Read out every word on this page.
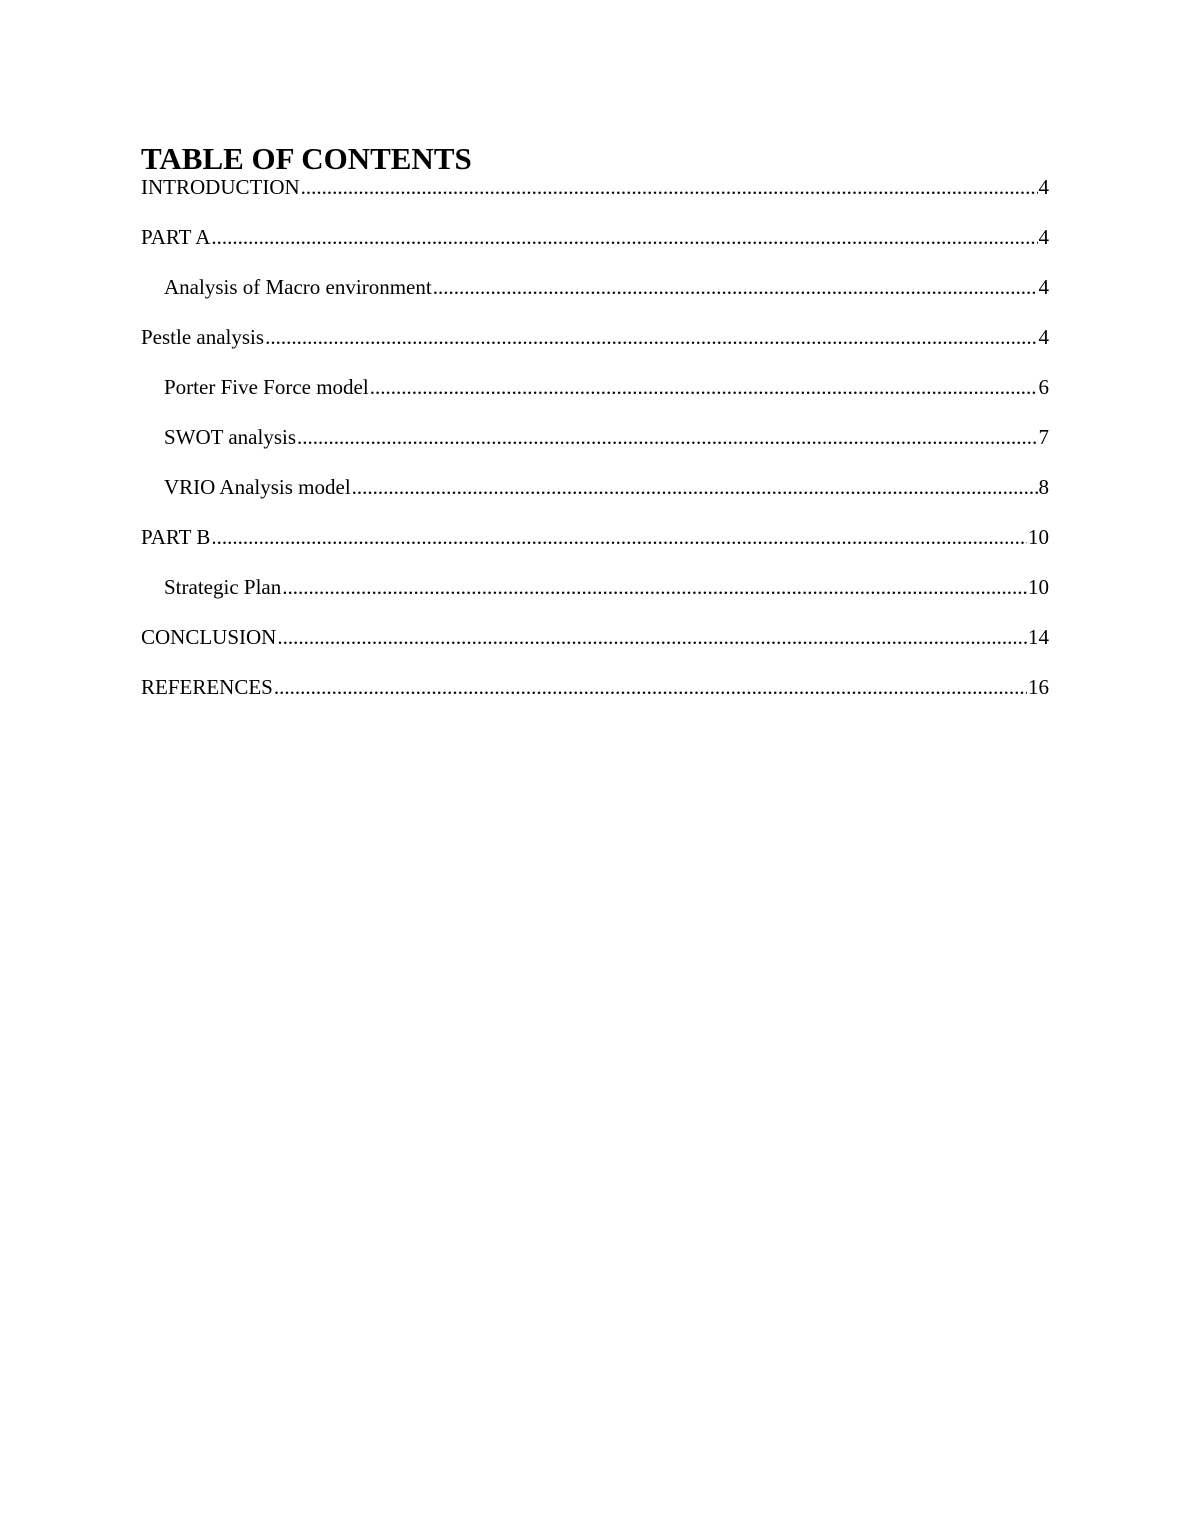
TABLE OF CONTENTS
INTRODUCTION .....	4
PART A .....	4
Analysis of Macro environment .....	4
Pestle analysis .....	4
Porter Five Force model .....	6
SWOT analysis .....	7
VRIO Analysis model .....	8
PART B .....	10
Strategic Plan .....	10
CONCLUSION .....	14
REFERENCES .....	16
